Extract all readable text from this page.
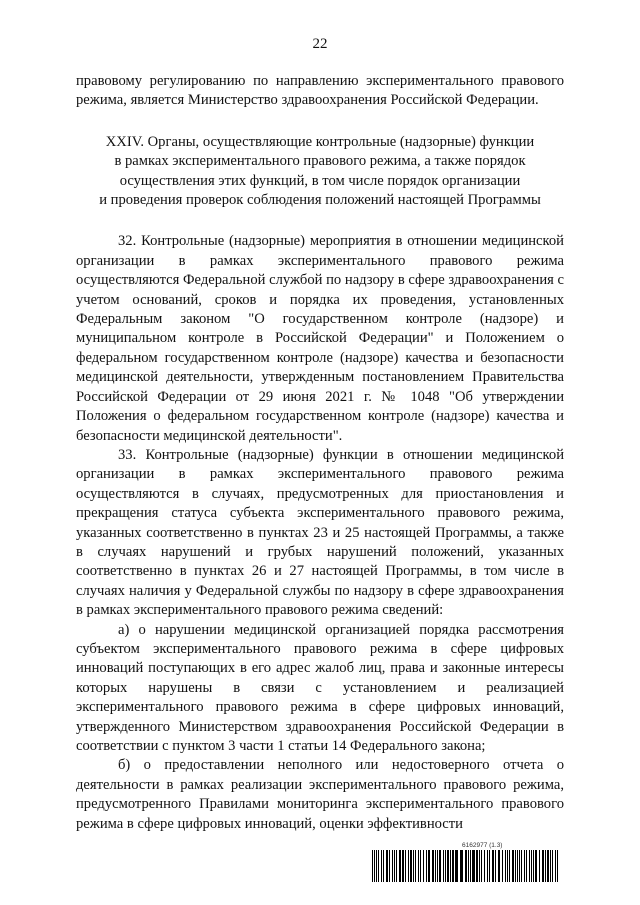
22

правовому регулированию по направлению экспериментального правового режима, является Министерство здравоохранения Российской Федерации.

XXIV. Органы, осуществляющие контрольные (надзорные) функции
в рамках экспериментального правового режима, а также порядок
осуществления этих функций, в том числе порядок организации
и проведения проверок соблюдения положений настоящей Программы

32. Контрольные (надзорные) мероприятия в отношении медицинской организации в рамках экспериментального правового режима осуществляются Федеральной службой по надзору в сфере здравоохранения с учетом оснований, сроков и порядка их проведения, установленных Федеральным законом "О государственном контроле (надзоре) и муниципальном контроле в Российской Федерации" и Положением о федеральном государственном контроле (надзоре) качества и безопасности медицинской деятельности, утвержденным постановлением Правительства Российской Федерации от 29 июня 2021 г. № 1048 "Об утверждении Положения о федеральном государственном контроле (надзоре) качества и безопасности медицинской деятельности".

33. Контрольные (надзорные) функции в отношении медицинской организации в рамках экспериментального правового режима осуществляются в случаях, предусмотренных для приостановления и прекращения статуса субъекта экспериментального правового режима, указанных соответственно в пунктах 23 и 25 настоящей Программы, а также в случаях нарушений и грубых нарушений положений, указанных соответственно в пунктах 26 и 27 настоящей Программы, в том числе в случаях наличия у Федеральной службы по надзору в сфере здравоохранения в рамках экспериментального правового режима сведений:

а) о нарушении медицинской организацией порядка рассмотрения субъектом экспериментального правового режима в сфере цифровых инноваций поступающих в его адрес жалоб лиц, права и законные интересы которых нарушены в связи с установлением и реализацией экспериментального правового режима в сфере цифровых инноваций, утвержденного Министерством здравоохранения Российской Федерации в соответствии с пунктом 3 части 1 статьи 14 Федерального закона;

б) о предоставлении неполного или недостоверного отчета о деятельности в рамках реализации экспериментального правового режима, предусмотренного Правилами мониторинга экспериментального правового режима в сфере цифровых инноваций, оценки эффективности

6162977 (1.3)
